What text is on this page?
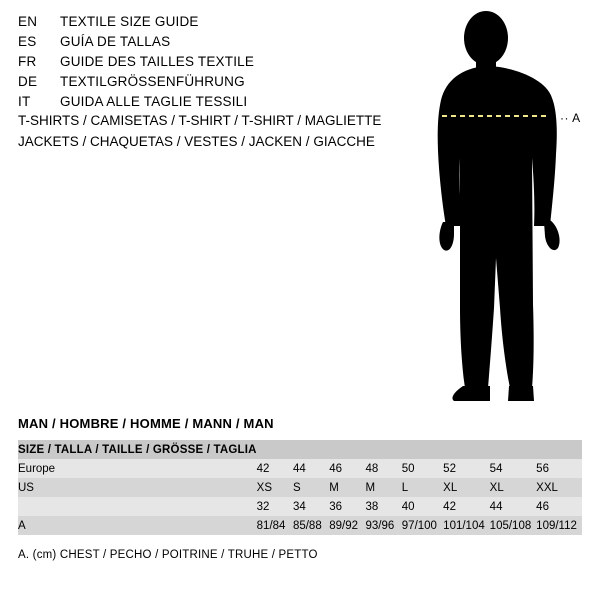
EN	TEXTILE SIZE GUIDE
ES	GUÍA DE TALLAS
FR	GUIDE DES TAILLES TEXTILE
DE	TEXTILGRÖSSENFÜHRUNG
IT	GUIDA ALLE TAGLIE TESSILI
T-SHIRTS / CAMISETAS / T-SHIRT / T-SHIRT / MAGLIETTE
JACKETS / CHAQUETAS / VESTES / JACKEN / GIACCHE
·· A
MAN / HOMBRE / HOMME / MANN / MAN
SIZE / TALLA / TAILLE / GRÖSSE / TAGLIA								
Europe	42	44	46	48	50	52	54	56
US	XS	S	M	M	L	XL	XL	XXL
	32	34	36	38	40	42	44	46
A	81/84	85/88	89/92	93/96	97/100	101/104	105/108	109/112
A. (cm) CHEST / PECHO / POITRINE / TRUHE / PETTO
